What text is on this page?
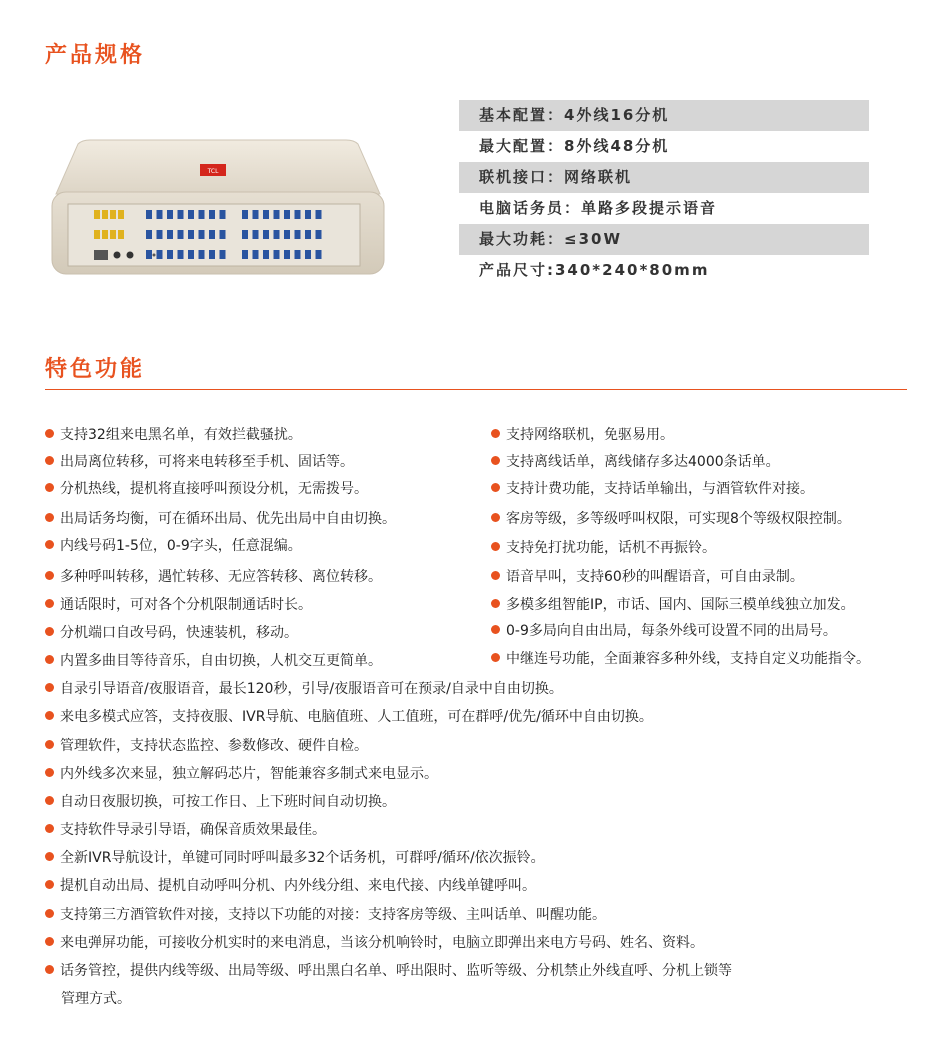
产品规格
TCL
基本配置：4外线16分机
最大配置：8外线48分机
联机接口：网络联机
电脑话务员：单路多段提示语音
最大功耗：≤30W
产品尺寸:340*240*80mm
特色功能
支持32组来电黑名单，有效拦截骚扰。
出局离位转移，可将来电转移至手机、固话等。
分机热线，提机将直接呼叫预设分机，无需拨号。
出局话务均衡，可在循环出局、优先出局中自由切换。
内线号码1-5位，0-9字头，任意混编。
多种呼叫转移，遇忙转移、无应答转移、离位转移。
通话限时，可对各个分机限制通话时长。
分机端口自改号码，快速装机，移动。
内置多曲目等待音乐，自由切换，人机交互更简单。
支持网络联机，免驱易用。
支持离线话单，离线储存多达4000条话单。
支持计费功能，支持话单输出，与酒管软件对接。
客房等级，多等级呼叫权限，可实现8个等级权限控制。
支持免打扰功能，话机不再振铃。
语音早叫，支持60秒的叫醒语音，可自由录制。
多模多组智能IP，市话、国内、国际三模单线独立加发。
0-9多局向自由出局，每条外线可设置不同的出局号。
中继连号功能，全面兼容多种外线，支持自定义功能指令。
自录引导语音/夜服语音，最长120秒，引导/夜服语音可在预录/自录中自由切换。
来电多模式应答，支持夜服、IVR导航、电脑值班、人工值班，可在群呼/优先/循环中自由切换。
管理软件，支持状态监控、参数修改、硬件自检。
内外线多次来显，独立解码芯片，智能兼容多制式来电显示。
自动日夜服切换，可按工作日、上下班时间自动切换。
支持软件导录引导语，确保音质效果最佳。
全新IVR导航设计，单键可同时呼叫最多32个话务机，可群呼/循环/依次振铃。
提机自动出局、提机自动呼叫分机、内外线分组、来电代接、内线单键呼叫。
支持第三方酒管软件对接，支持以下功能的对接：支持客房等级、主叫话单、叫醒功能。
来电弹屏功能，可接收分机实时的来电消息，当该分机响铃时，电脑立即弹出来电方号码、姓名、资料。
话务管控，提供内线等级、出局等级、呼出黑白名单、呼出限时、监听等级、分机禁止外线直呼、分机上锁等
管理方式。
